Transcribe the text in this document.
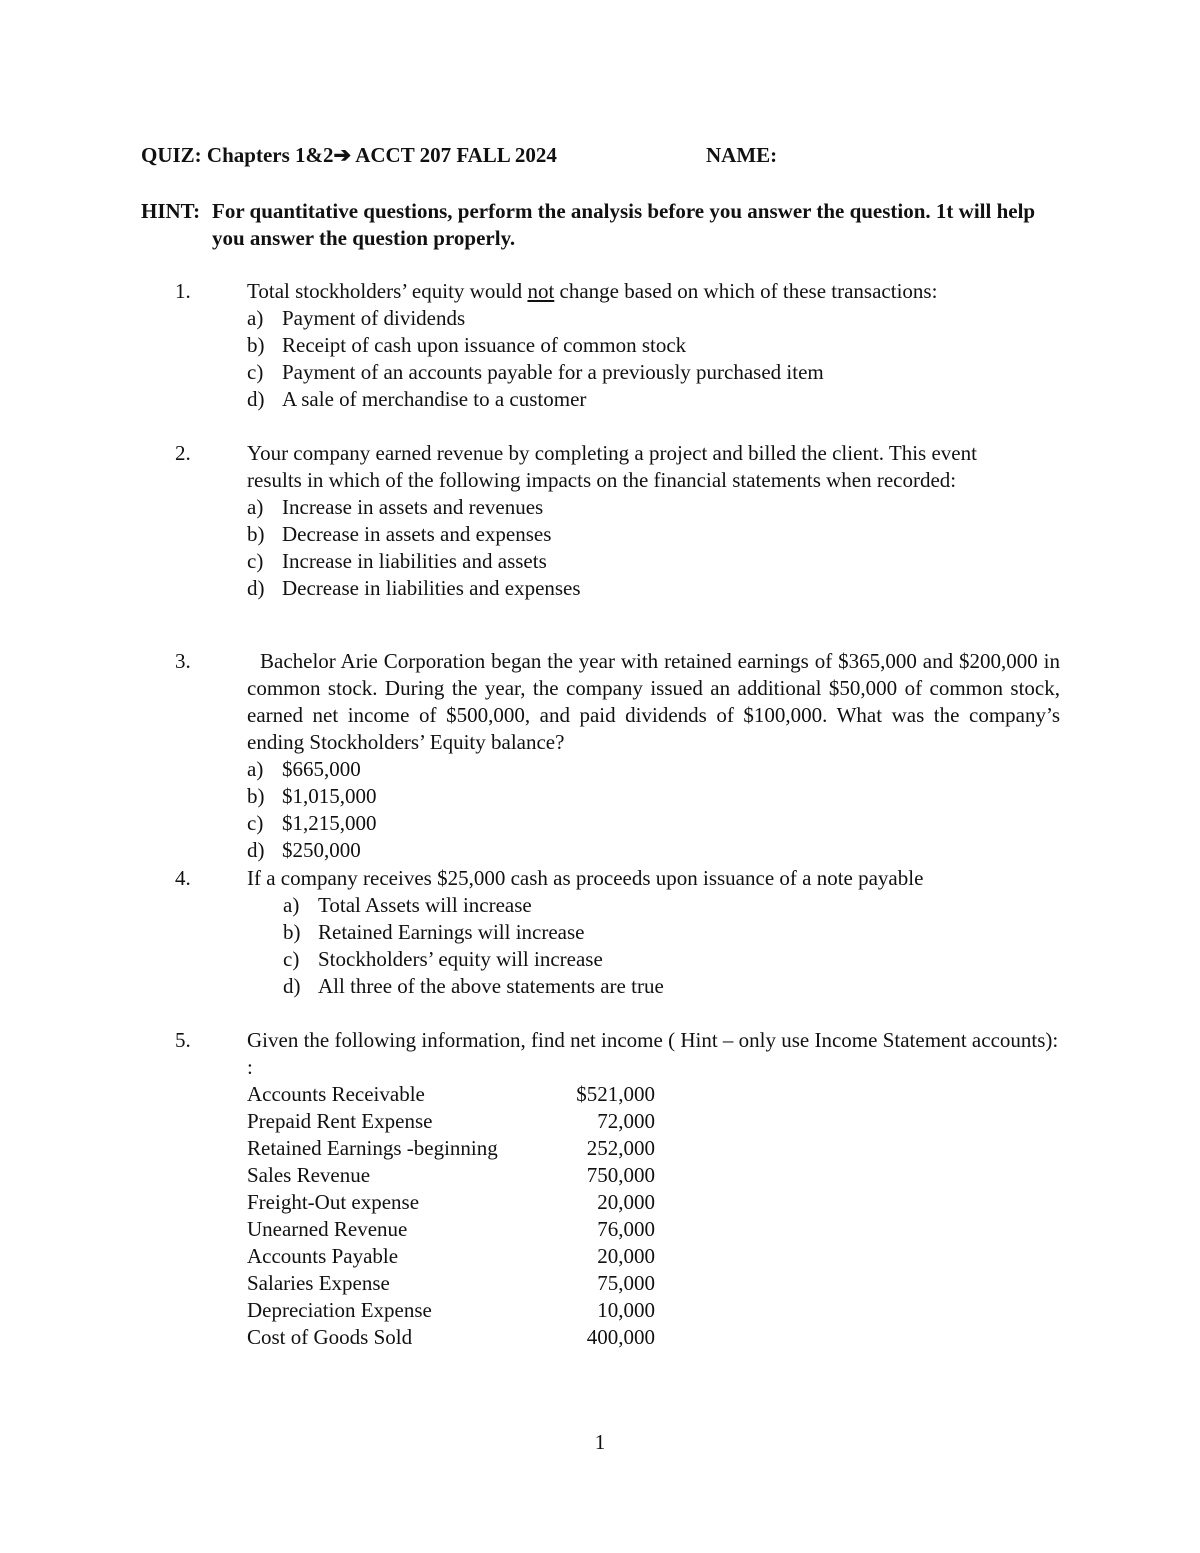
QUIZ: Chapters 1&2➔ ACCT 207 FALL 2024	NAME:
HINT: For quantitative questions, perform the analysis before you answer the question. 1t will help you answer the question properly.
1.	Total stockholders’ equity would not change based on which of these transactions:
a) Payment of dividends
b) Receipt of cash upon issuance of common stock
c) Payment of an accounts payable for a previously purchased item
d) A sale of merchandise to a customer
2.	Your company earned revenue by completing a project and billed the client. This event results in which of the following impacts on the financial statements when recorded:
a) Increase in assets and revenues
b) Decrease in assets and expenses
c) Increase in liabilities and assets
d) Decrease in liabilities and expenses
3.	Bachelor Arie Corporation began the year with retained earnings of $365,000 and $200,000 in common stock. During the year, the company issued an additional $50,000 of common stock, earned net income of $500,000, and paid dividends of $100,000. What was the company’s ending Stockholders’ Equity balance?
a) $665,000
b) $1,015,000
c) $1,215,000
d) $250,000
4.	If a company receives $25,000 cash as proceeds upon issuance of a note payable
a) Total Assets will increase
b) Retained Earnings will increase
c) Stockholders’ equity will increase
d) All three of the above statements are true
5.	Given the following information, find net income ( Hint – only use Income Statement accounts):
:
Accounts Receivable	$521,000
Prepaid Rent Expense	72,000
Retained Earnings -beginning	252,000
Sales Revenue	750,000
Freight-Out expense	20,000
Unearned Revenue	76,000
Accounts Payable	20,000
Salaries Expense	75,000
Depreciation Expense	10,000
Cost of Goods Sold	400,000
1
